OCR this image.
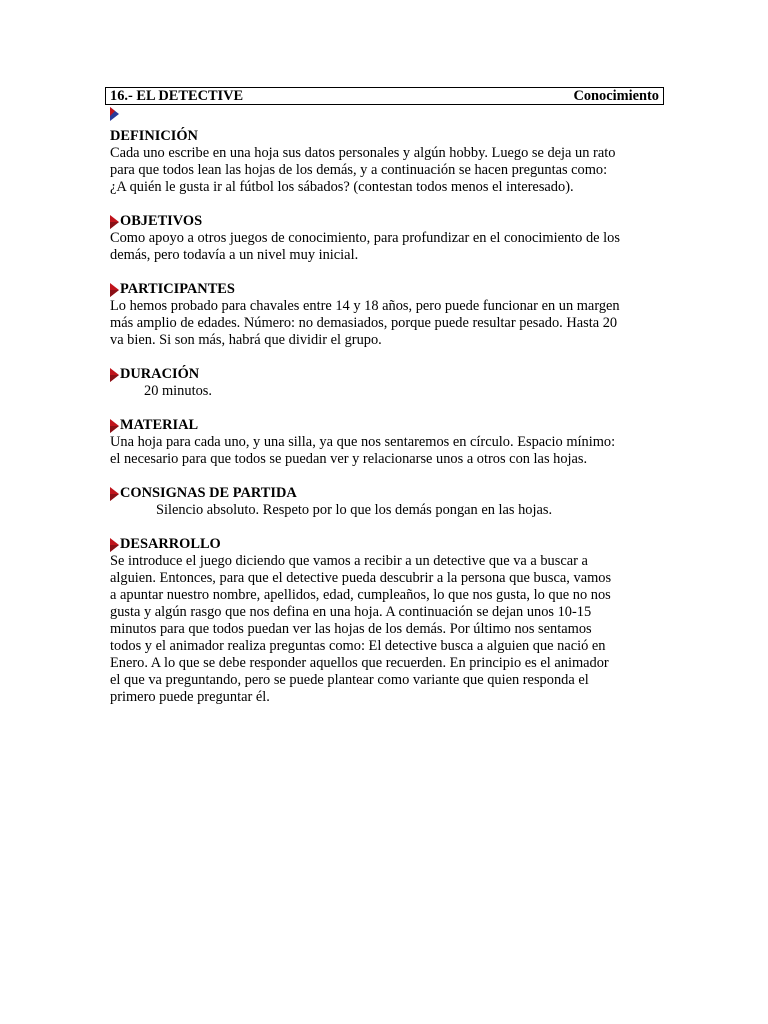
16.- EL DETECTIVE	Conocimiento
DEFINICIÓN
Cada uno escribe en una hoja sus datos personales y algún hobby. Luego se deja un rato
para que todos lean las hojas de los demás, y a continuación se hacen preguntas como:
¿A quién le gusta ir al fútbol los sábados? (contestan todos menos el interesado).
OBJETIVOS
Como apoyo a otros juegos de conocimiento, para profundizar en el conocimiento de los
demás, pero todavía a un nivel muy inicial.
PARTICIPANTES
Lo hemos probado para chavales entre 14 y 18 años, pero puede funcionar en un margen
más amplio de edades. Número: no demasiados, porque puede resultar pesado. Hasta 20
va bien. Si son más, habrá que dividir el grupo.
DURACIÓN
20 minutos.
MATERIAL
Una hoja para cada uno, y una silla, ya que nos sentaremos en círculo. Espacio mínimo:
el necesario para que todos se puedan ver y relacionarse unos a otros con las hojas.
CONSIGNAS DE PARTIDA
Silencio absoluto. Respeto por lo que los demás pongan en las hojas.
DESARROLLO
Se introduce el juego diciendo que vamos a recibir a un detective que va a buscar a
alguien. Entonces, para que el detective pueda descubrir a la persona que busca, vamos
a apuntar nuestro nombre, apellidos, edad, cumpleaños, lo que nos gusta, lo que no nos
gusta y algún rasgo que nos defina en una hoja. A continuación se dejan unos 10-15
minutos para que todos puedan ver las hojas de los demás. Por último nos sentamos
todos y el animador realiza preguntas como: El detective busca a alguien que nació en
Enero. A lo que se debe responder aquellos que recuerden. En principio es el animador
el que va preguntando, pero se puede plantear como variante que quien responda el
primero puede preguntar él.
